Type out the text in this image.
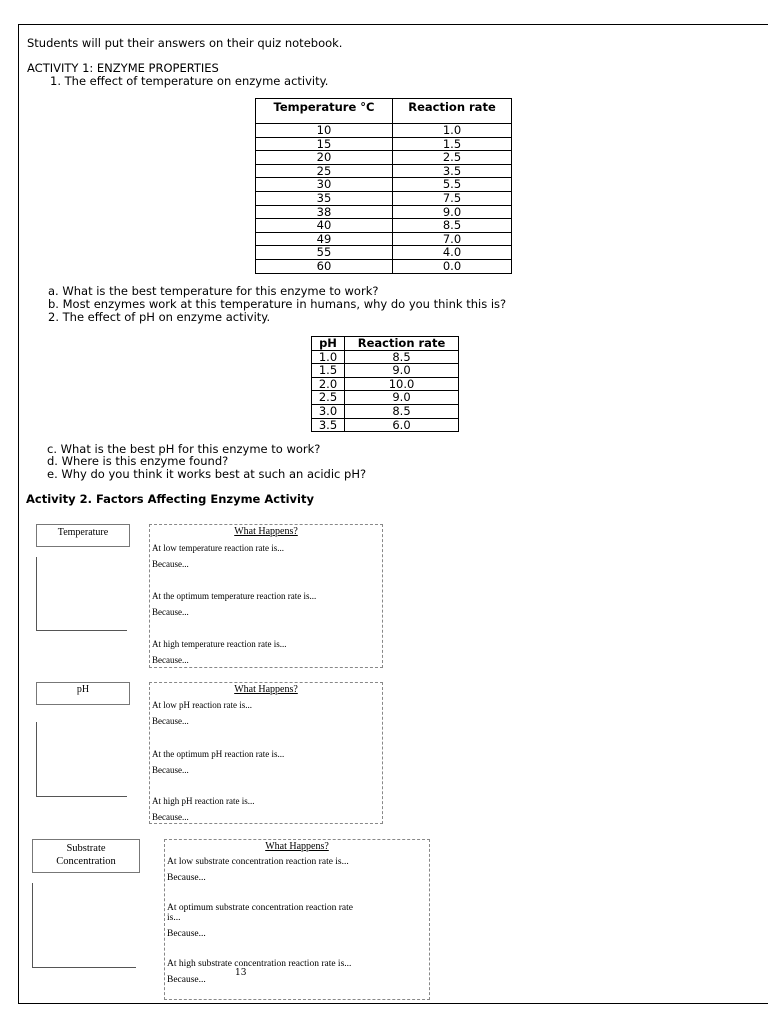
Students will put their answers on their quiz notebook.
ACTIVITY 1: ENZYME PROPERTIES
1. The effect of temperature on enzyme activity.
Temperature °C	Reaction rate
10	1.0
15	1.5
20	2.5
25	3.5
30	5.5
35	7.5
38	9.0
40	8.5
49	7.0
55	4.0
60	0.0
a. What is the best temperature for this enzyme to work?
b. Most enzymes work at this temperature in humans, why do you think this is?
2. The effect of pH on enzyme activity.
pH	Reaction rate
1.0	8.5
1.5	9.0
2.0	10.0
2.5	9.0
3.0	8.5
3.5	6.0
c. What is the best pH for this enzyme to work?
d. Where is this enzyme found?
e. Why do you think it works best at such an acidic pH?
Activity 2. Factors Affecting Enzyme Activity
Temperature	What Happens?
At low temperature reaction rate is...
Because...
At the optimum temperature reaction rate is...
Because...
At high temperature reaction rate is...
Because...
pH	What Happens?
At low pH reaction rate is...
Because...
At the optimum pH reaction rate is...
Because...
At high pH reaction rate is...
Because...
Substrate
Concentration
What Happens?
At low substrate concentration reaction rate is...
Because...
At optimum substrate concentration reaction rate
is...
Because...
At high substrate concentration reaction rate is...
Because...
13
